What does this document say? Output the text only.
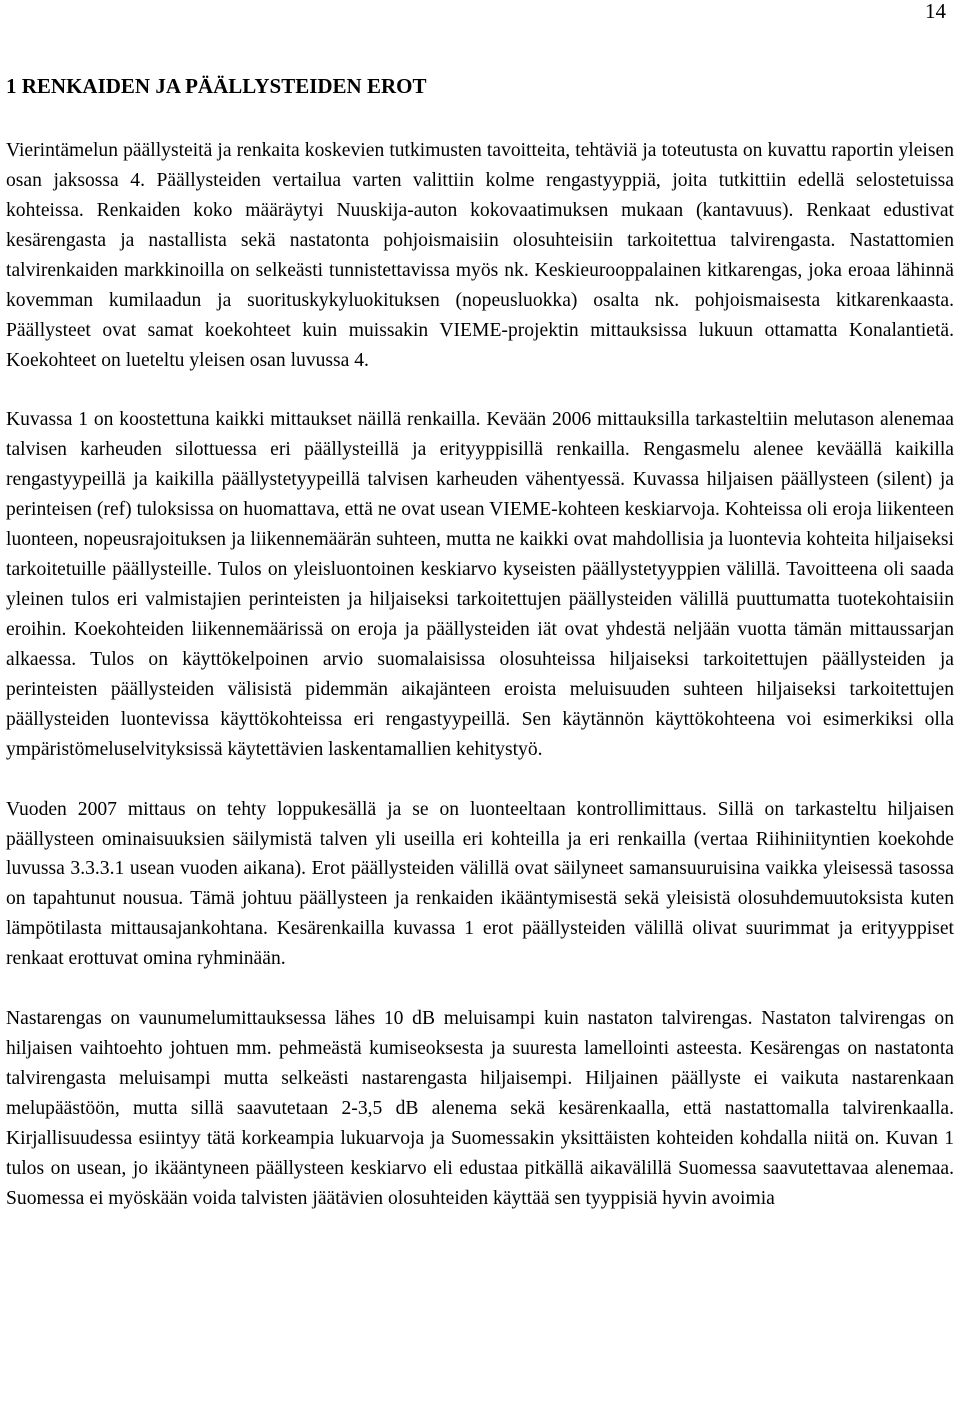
14
1 RENKAIDEN JA PÄÄLLYSTEIDEN EROT

Vierintämelun päällysteitä ja renkaita koskevien tutkimusten tavoitteita, tehtäviä ja toteutusta on kuvattu raportin yleisen osan jaksossa 4. Päällysteiden vertailua varten valittiin kolme rengastyyppiä, joita tutkittiin edellä selostetuissa kohteissa. Renkaiden koko määräytyi Nuuskija-auton kokovaatimuksen mukaan (kantavuus). Renkaat edustivat kesärengasta ja nastallista sekä nastatonta pohjoismaisiin olosuhteisiin tarkoitettua talvirengasta. Nastattomien talvirenkaiden markkinoilla on selkeästi tunnistettavissa myös nk. Keskieurooppalainen kitkarengas, joka eroaa lähinnä kovemman kumilaadun ja suorituskykyluokituksen (nopeusluokka) osalta nk. pohjoismaisesta kitkarenkaasta. Päällysteet ovat samat koekohteet kuin muissakin VIEME-projektin mittauksissa lukuun ottamatta Konalantietä. Koekohteet on lueteltu yleisen osan luvussa 4.

Kuvassa 1 on koostettuna kaikki mittaukset näillä renkailla. Kevään 2006 mittauksilla tarkasteltiin melutason alenemaa talvisen karheuden silottuessa eri päällysteillä ja erityyppisillä renkailla. Rengasmelu alenee keväällä kaikilla rengastyypeillä ja kaikilla päällystetyypeillä talvisen karheuden vähentyessä. Kuvassa hiljaisen päällysteen (silent) ja perinteisen (ref) tuloksissa on huomattava, että ne ovat usean VIEME-kohteen keskiarvoja. Kohteissa oli eroja liikenteen luonteen, nopeusrajoituksen ja liikennemäärän suhteen, mutta ne kaikki ovat mahdollisia ja luontevia kohteita hiljaiseksi tarkoitetuille päällysteille. Tulos on yleisluontoinen keskiarvo kyseisten päällystetyyppien välillä. Tavoitteena oli saada yleinen tulos eri valmistajien perinteisten ja hiljaiseksi tarkoitettujen päällysteiden välillä puuttumatta tuotekohtaisiin eroihin. Koekohteiden liikennemäärissä on eroja ja päällysteiden iät ovat yhdestä neljään vuotta tämän mittaussarjan alkaessa. Tulos on käyttökelpoinen arvio suomalaisissa olosuhteissa hiljaiseksi tarkoitettujen päällysteiden ja perinteisten päällysteiden välisistä pidemmän aikajänteen eroista meluisuuden suhteen hiljaiseksi tarkoitettujen päällysteiden luontevissa käyttökohteissa eri rengastyypeillä. Sen käytännön käyttökohteena voi esimerkiksi olla ympäristömeluselvityksissä käytettävien laskentamallien kehitystyö.

Vuoden 2007 mittaus on tehty loppukesällä ja se on luonteeltaan kontrollimittaus. Sillä on tarkasteltu hiljaisen päällysteen ominaisuuksien säilymistä talven yli useilla eri kohteilla ja eri renkailla (vertaa Riihiniityntien koekohde luvussa 3.3.3.1 usean vuoden aikana). Erot päällysteiden välillä ovat säilyneet samansuuruisina vaikka yleisessä tasossa on tapahtunut nousua. Tämä johtuu päällysteen ja renkaiden ikääntymisestä sekä yleisistä olosuhdemuutoksista kuten lämpötilasta mittausajankohtana. Kesärenkailla kuvassa 1 erot päällysteiden välillä olivat suurimmat ja erityyppiset renkaat erottuvat omina ryhminään.

Nastarengas on vaunumelumittauksessa lähes 10 dB meluisampi kuin nastaton talvirengas. Nastaton talvirengas on hiljaisen vaihtoehto johtuen mm. pehmeästä kumiseoksesta ja suuresta lamellointi asteesta. Kesärengas on nastatonta talvirengasta meluisampi mutta selkeästi nastarengasta hiljaisempi. Hiljainen päällyste ei vaikuta nastarenkaan melupäästöön, mutta sillä saavutetaan 2-3,5 dB alenema sekä kesärenkaalla, että nastattomalla talvirenkaalla. Kirjallisuudessa esiintyy tätä korkeampia lukuarvoja ja Suomessakin yksittäisten kohteiden kohdalla niitä on. Kuvan 1 tulos on usean, jo ikääntyneen päällysteen keskiarvo eli edustaa pitkällä aikavälillä Suomessa saavutettavaa alenemaa. Suomessa ei myöskään voida talvisten jäätävien olosuhteiden käyttää sen tyyppisiä hyvin avoimia
